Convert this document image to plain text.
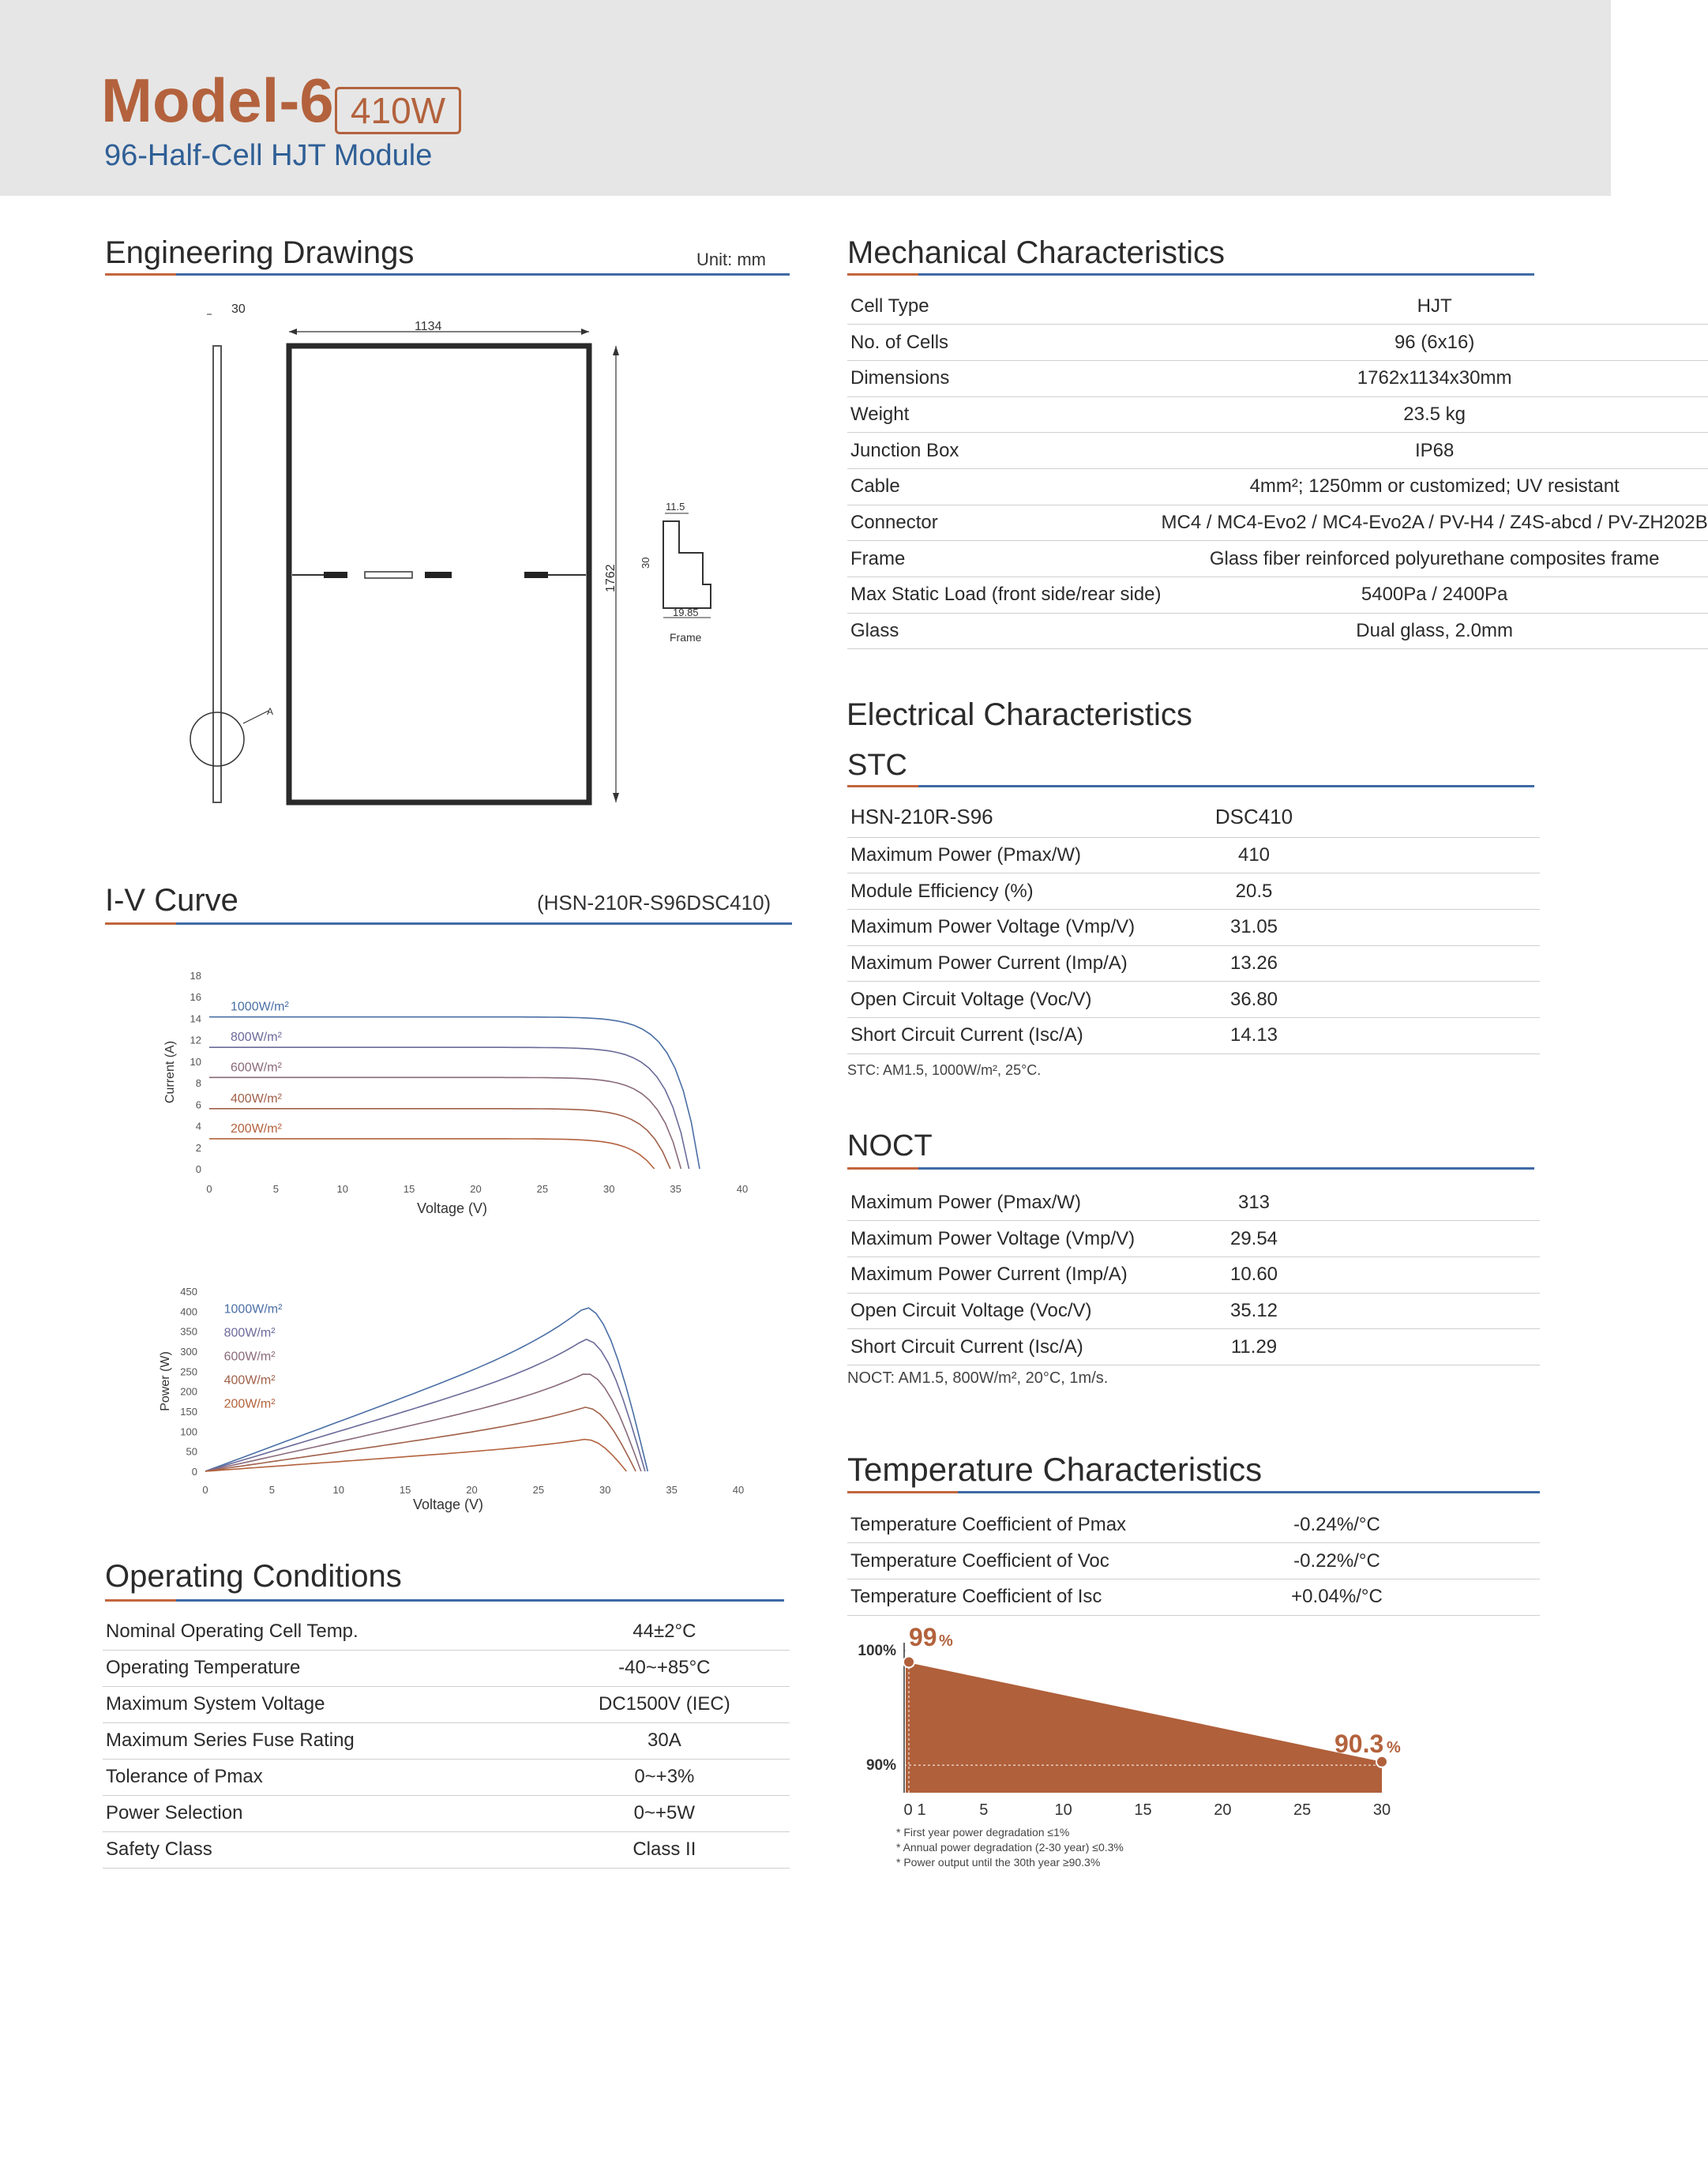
Model-6 410W
96-Half-Cell HJT Module
Engineering Drawings	Unit: mm
30
A
1134
1762
11.5
30
19.85
Frame
I-V Curve	(HSN-210R-S96DSC410)
0
2
4
6
8
10
12
14
16
18
0	5	10	15	20	25	30	35	40
Voltage (V)
Current (A)
1000W/m²
800W/m²
600W/m²
400W/m²
200W/m²
0
50
100
150
200
250
300
350
400
450
0	5	10	15	20	25	30	35	40
Voltage (V)
Power (W)
1000W/m²
800W/m²
600W/m²
400W/m²
200W/m²
Operating Conditions
Nominal Operating Cell Temp.	44±2°C
Operating Temperature	-40~+85°C
Maximum System Voltage	DC1500V (IEC)
Maximum Series Fuse Rating	30A
Tolerance of Pmax	0~+3%
Power Selection	0~+5W
Safety Class	Class II
Mechanical Characteristics
Cell Type	HJT
No. of Cells	96 (6x16)
Dimensions	1762x1134x30mm
Weight	23.5 kg
Junction Box	IP68
Cable	4mm²; 1250mm or customized; UV resistant
Connector	MC4 / MC4-Evo2 / MC4-Evo2A / PV-H4 / Z4S-abcd / PV-ZH202B
Frame	Glass fiber reinforced polyurethane composites frame
Max Static Load (front side/rear side)	5400Pa / 2400Pa
Glass	Dual glass, 2.0mm
Electrical Characteristics
STC
HSN-210R-S96	DSC410	
Maximum Power (Pmax/W)	410	
Module Efficiency (%)	20.5	
Maximum Power Voltage (Vmp/V)	31.05	
Maximum Power Current (Imp/A)	13.26	
Open Circuit Voltage (Voc/V)	36.80	
Short Circuit Current (Isc/A)	14.13	
STC: AM1.5, 1000W/m², 25°C.
NOCT
Maximum Power (Pmax/W)	313	
Maximum Power Voltage (Vmp/V)	29.54	
Maximum Power Current (Imp/A)	10.60	
Open Circuit Voltage (Voc/V)	35.12	
Short Circuit Current (Isc/A)	11.29	
NOCT: AM1.5, 800W/m², 20°C, 1m/s.
Temperature Characteristics
Temperature Coefficient of Pmax	-0.24%/°C	
Temperature Coefficient of Voc	-0.22%/°C	
Temperature Coefficient of Isc	+0.04%/°C	
100%
90%
0 1	5	10	15	20	25	30
99 %
90.3 %
* First year power degradation ≤1%
* Annual power degradation (2-30 year) ≤0.3%
* Power output until the 30th year ≥90.3%
